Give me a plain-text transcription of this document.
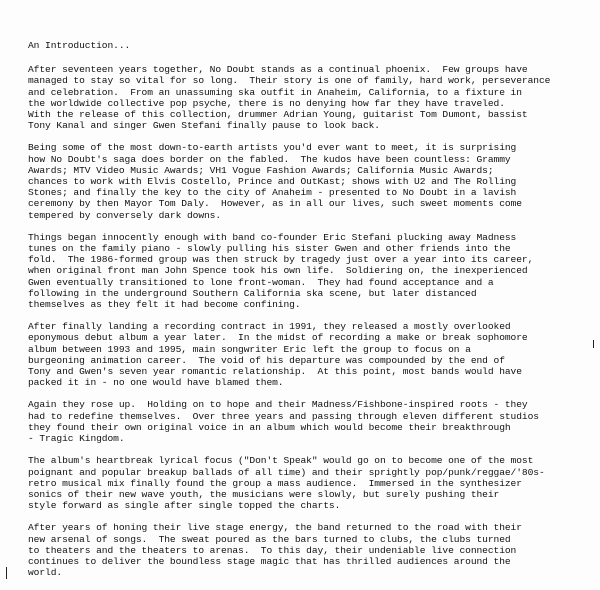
An Introduction...

After seventeen years together, No Doubt stands as a continual phoenix.  Few groups have
managed to stay so vital for so long.  Their story is one of family, hard work, perseverance
and celebration.  From an unassuming ska outfit in Anaheim, California, to a fixture in
the worldwide collective pop psyche, there is no denying how far they have traveled.
With the release of this collection, drummer Adrian Young, guitarist Tom Dumont, bassist
Tony Kanal and singer Gwen Stefani finally pause to look back.

Being some of the most down-to-earth artists you'd ever want to meet, it is surprising
how No Doubt's saga does border on the fabled.  The kudos have been countless: Grammy
Awards; MTV Video Music Awards; VH1 Vogue Fashion Awards; California Music Awards;
chances to work with Elvis Costello, Prince and OutKast; shows with U2 and The Rolling
Stones; and finally the key to the city of Anaheim - presented to No Doubt in a lavish
ceremony by then Mayor Tom Daly.  However, as in all our lives, such sweet moments come
tempered by conversely dark downs.

Things began innocently enough with band co-founder Eric Stefani plucking away Madness
tunes on the family piano - slowly pulling his sister Gwen and other friends into the
fold.  The 1986-formed group was then struck by tragedy just over a year into its career,
when original front man John Spence took his own life.  Soldiering on, the inexperienced
Gwen eventually transitioned to lone front-woman.  They had found acceptance and a
following in the underground Southern California ska scene, but later distanced
themselves as they felt it had become confining.

After finally landing a recording contract in 1991, they released a mostly overlooked
eponymous debut album a year later.  In the midst of recording a make or break sophomore
album between 1993 and 1995, main songwriter Eric left the group to focus on a
burgeoning animation career.  The void of his departure was compounded by the end of
Tony and Gwen's seven year romantic relationship.  At this point, most bands would have
packed it in - no one would have blamed them.

Again they rose up.  Holding on to hope and their Madness/Fishbone-inspired roots - they
had to redefine themselves.  Over three years and passing through eleven different studios
they found their own original voice in an album which would become their breakthrough
- Tragic Kingdom.

The album's heartbreak lyrical focus ("Don't Speak" would go on to become one of the most
poignant and popular breakup ballads of all time) and their sprightly pop/punk/reggae/'80s-
retro musical mix finally found the group a mass audience.  Immersed in the synthesizer
sonics of their new wave youth, the musicians were slowly, but surely pushing their
style forward as single after single topped the charts.

After years of honing their live stage energy, the band returned to the road with their
new arsenal of songs.  The sweat poured as the bars turned to clubs, the clubs turned
to theaters and the theaters to arenas.  To this day, their undeniable live connection
continues to deliver the boundless stage magic that has thrilled audiences around the
world.
